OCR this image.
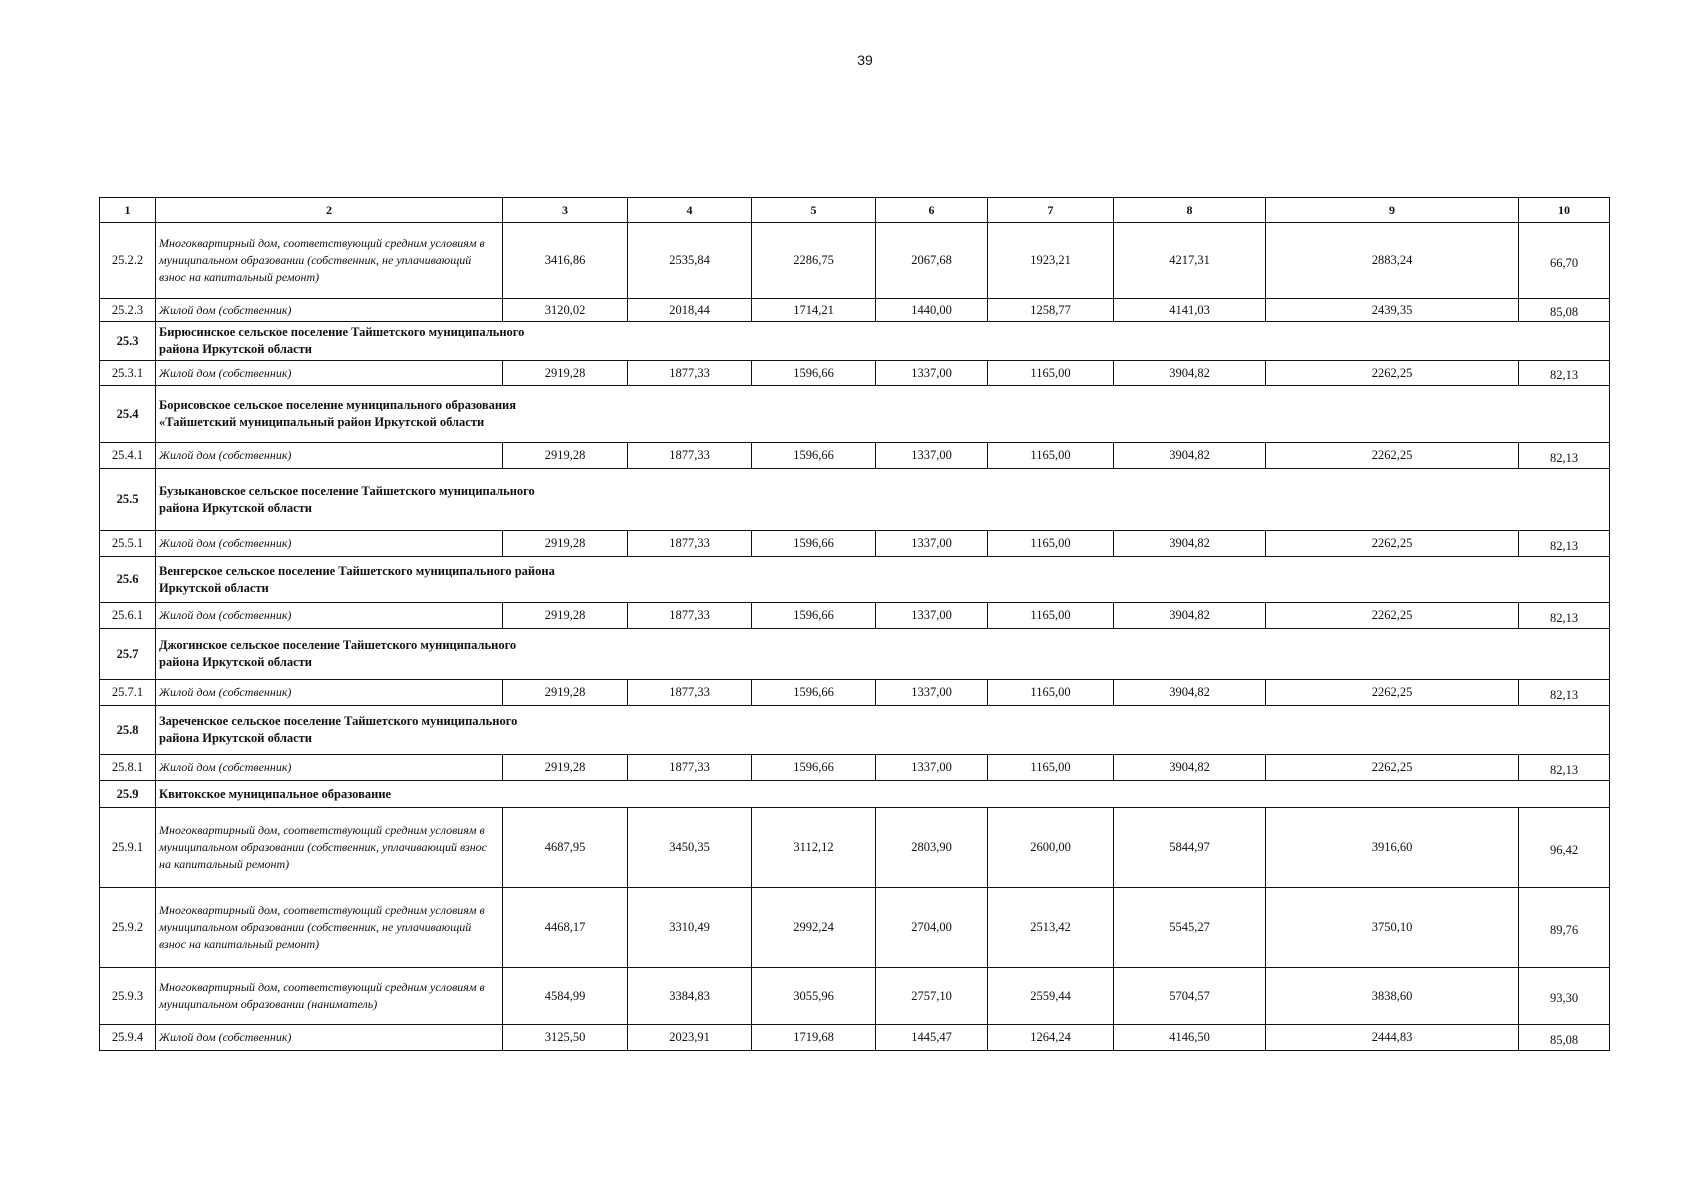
39
1	2	3	4	5	6	7	8	9	10
25.2.2	Многоквартирный дом, соответствующий средним условиям в муниципальном образовании (собственник, не уплачивающий взнос на капитальный ремонт)	3416,86	2535,84	2286,75	2067,68	1923,21	4217,31	2883,24	66,70
25.2.3	Жилой дом (собственник)	3120,02	2018,44	1714,21	1440,00	1258,77	4141,03	2439,35	85,08
25.3	Бирюсинское сельское поселение Тайшетского муниципального района Иркутской области								
25.3.1	Жилой дом (собственник)	2919,28	1877,33	1596,66	1337,00	1165,00	3904,82	2262,25	82,13
25.4	Борисовское сельское поселение муниципального образования «Тайшетский муниципальный район Иркутской области								
25.4.1	Жилой дом (собственник)	2919,28	1877,33	1596,66	1337,00	1165,00	3904,82	2262,25	82,13
25.5	Бузыкановское сельское поселение Тайшетского муниципального района Иркутской области								
25.5.1	Жилой дом (собственник)	2919,28	1877,33	1596,66	1337,00	1165,00	3904,82	2262,25	82,13
25.6	Венгерское сельское поселение Тайшетского муниципального района Иркутской области								
25.6.1	Жилой дом (собственник)	2919,28	1877,33	1596,66	1337,00	1165,00	3904,82	2262,25	82,13
25.7	Джогинское сельское поселение Тайшетского муниципального района Иркутской области								
25.7.1	Жилой дом (собственник)	2919,28	1877,33	1596,66	1337,00	1165,00	3904,82	2262,25	82,13
25.8	Зареченское сельское поселение Тайшетского муниципального района Иркутской области								
25.8.1	Жилой дом (собственник)	2919,28	1877,33	1596,66	1337,00	1165,00	3904,82	2262,25	82,13
25.9	Квитокское муниципальное образование								
25.9.1	Многоквартирный дом, соответствующий средним условиям в муниципальном образовании (собственник, уплачивающий взнос на капитальный ремонт)	4687,95	3450,35	3112,12	2803,90	2600,00	5844,97	3916,60	96,42
25.9.2	Многоквартирный дом, соответствующий средним условиям в муниципальном образовании (собственник, не уплачивающий взнос на капитальный ремонт)	4468,17	3310,49	2992,24	2704,00	2513,42	5545,27	3750,10	89,76
25.9.3	Многоквартирный дом, соответствующий средним условиям в муниципальном образовании (наниматель)	4584,99	3384,83	3055,96	2757,10	2559,44	5704,57	3838,60	93,30
25.9.4	Жилой дом (собственник)	3125,50	2023,91	1719,68	1445,47	1264,24	4146,50	2444,83	85,08
